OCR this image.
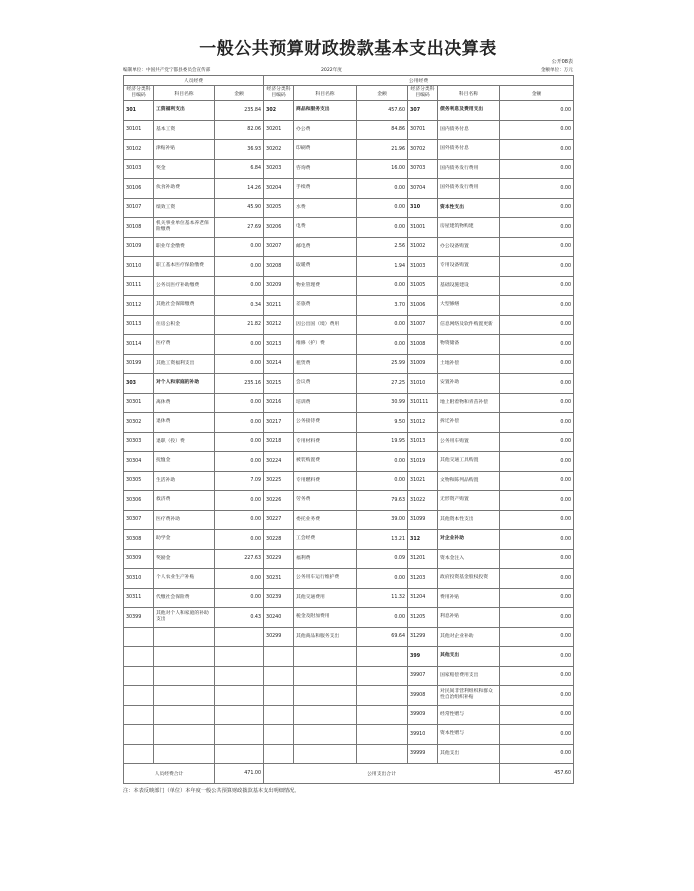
一般公共预算财政拨款基本支出决算表
公开08表
编制单位：中国共产党宁都县委员会宣传部	2022年度	金额单位：万元
人员经费			公用经费					
经济分类科目编码	科目名称	金额	经济分类科目编码	科目名称	金额	经济分类科目编码	科目名称	金额
301	工资福利支出	235.84	302	商品和服务支出	457.60	307	债务利息及费用支出	0.00
30101	基本工资	82.06	30201	办公费	84.86	30701	国内债务付息	0.00
30102	津贴补贴	36.93	30202	印刷费	21.96	30702	国外债务付息	0.00
30103	奖金	6.84	30203	咨询费	16.00	30703	国内债务发行费用	0.00
30106	伙食补助费	14.26	30204	手续费	0.00	30704	国外债务发行费用	0.00
30107	绩效工资	45.90	30205	水费	0.00	310	资本性支出	0.00
30108	机关事业单位基本养老保险缴费	27.69	30206	电费	0.00	31001	房屋建筑物购建	0.00
30109	职业年金缴费	0.00	30207	邮电费	2.56	31002	办公设备购置	0.00
30110	职工基本医疗保险缴费	0.00	30208	取暖费	1.94	31003	专用设备购置	0.00
30111	公务员医疗补助缴费	0.00	30209	物业管理费	0.00	31005	基础设施建设	0.00
30112	其他社会保障缴费	0.34	30211	差旅费	3.70	31006	大型修缮	0.00
30113	住房公积金	21.82	30212	因公出国（境）费用	0.00	31007	信息网络及软件购置更新	0.00
30114	医疗费	0.00	30213	维修（护）费	0.00	31008	物资储备	0.00
30199	其他工资福利支出	0.00	30214	租赁费	25.99	31009	土地补偿	0.00
303	对个人和家庭的补助	235.16	30215	会议费	27.25	31010	安置补助	0.00
30301	离休费	0.00	30216	培训费	30.99	310111	地上附着物和青苗补偿	0.00
30302	退休费	0.00	30217	公务接待费	9.50	31012	拆迁补偿	0.00
30303	退职（役）费	0.00	30218	专用材料费	19.95	31013	公务用车购置	0.00
30304	抚恤金	0.00	30224	被装购置费	0.00	31019	其他交通工具购置	0.00
30305	生活补助	7.09	30225	专用燃料费	0.00	31021	文物和陈列品购置	0.00
30306	救济费	0.00	30226	劳务费	79.63	31022	无形资产购置	0.00
30307	医疗费补助	0.00	30227	委托业务费	39.00	31099	其他资本性支出	0.00
30308	助学金	0.00	30228	工会经费	13.21	312	对企业补助	0.00
30309	奖励金	227.63	30229	福利费	0.09	31201	资本金注入	0.00
30310	个人农业生产补贴	0.00	30231	公务用车运行维护费	0.00	31203	政府投资基金股权投资	0.00
30311	代缴社会保险费	0.00	30239	其他交通费用	11.32	31204	费用补贴	0.00
30399	其他对个人和家庭的补助支出	0.43	30240	税金及附加费用	0.00	31205	利息补贴	0.00
			30299	其他商品和服务支出	69.64	31299	其他对企业补助	0.00
						399	其他支出	0.00
						39907	国家赔偿费用支出	0.00
						39908	对民间非营利组织和群众性自治组织补贴	0.00
						39909	经常性赠与	0.00
						39910	资本性赠与	0.00
						39999	其他支出	0.00
人员经费合计		471.00	公用支出合计					457.60
注：本表反映部门（单位）本年度一般公共预算财政拨款基本支出明细情况。
